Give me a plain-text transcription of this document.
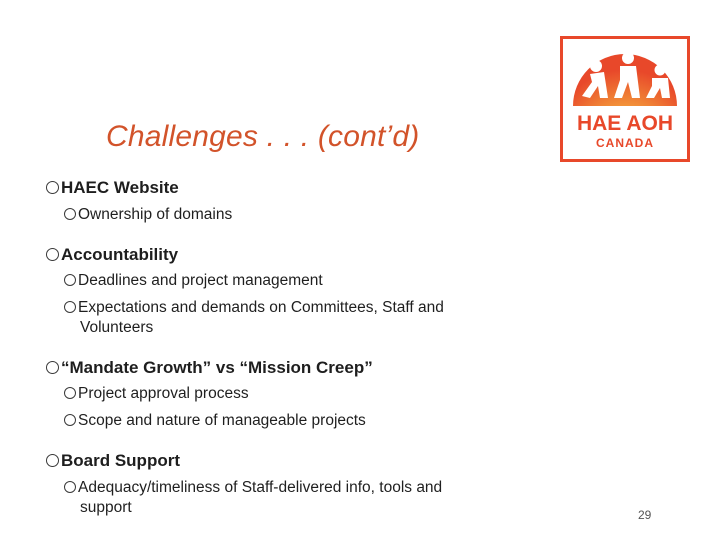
Challenges . . . (cont’d)	HAE AOH
CANADA
HAEC Website
Ownership of domains
Accountability
Deadlines and project management
Expectations and demands on Committees, Staff and
Volunteers
“Mandate Growth” vs “Mission Creep”
Project approval process
Scope and nature of manageable projects
Board Support
Adequacy/timeliness of Staff-delivered info, tools and
support	29
